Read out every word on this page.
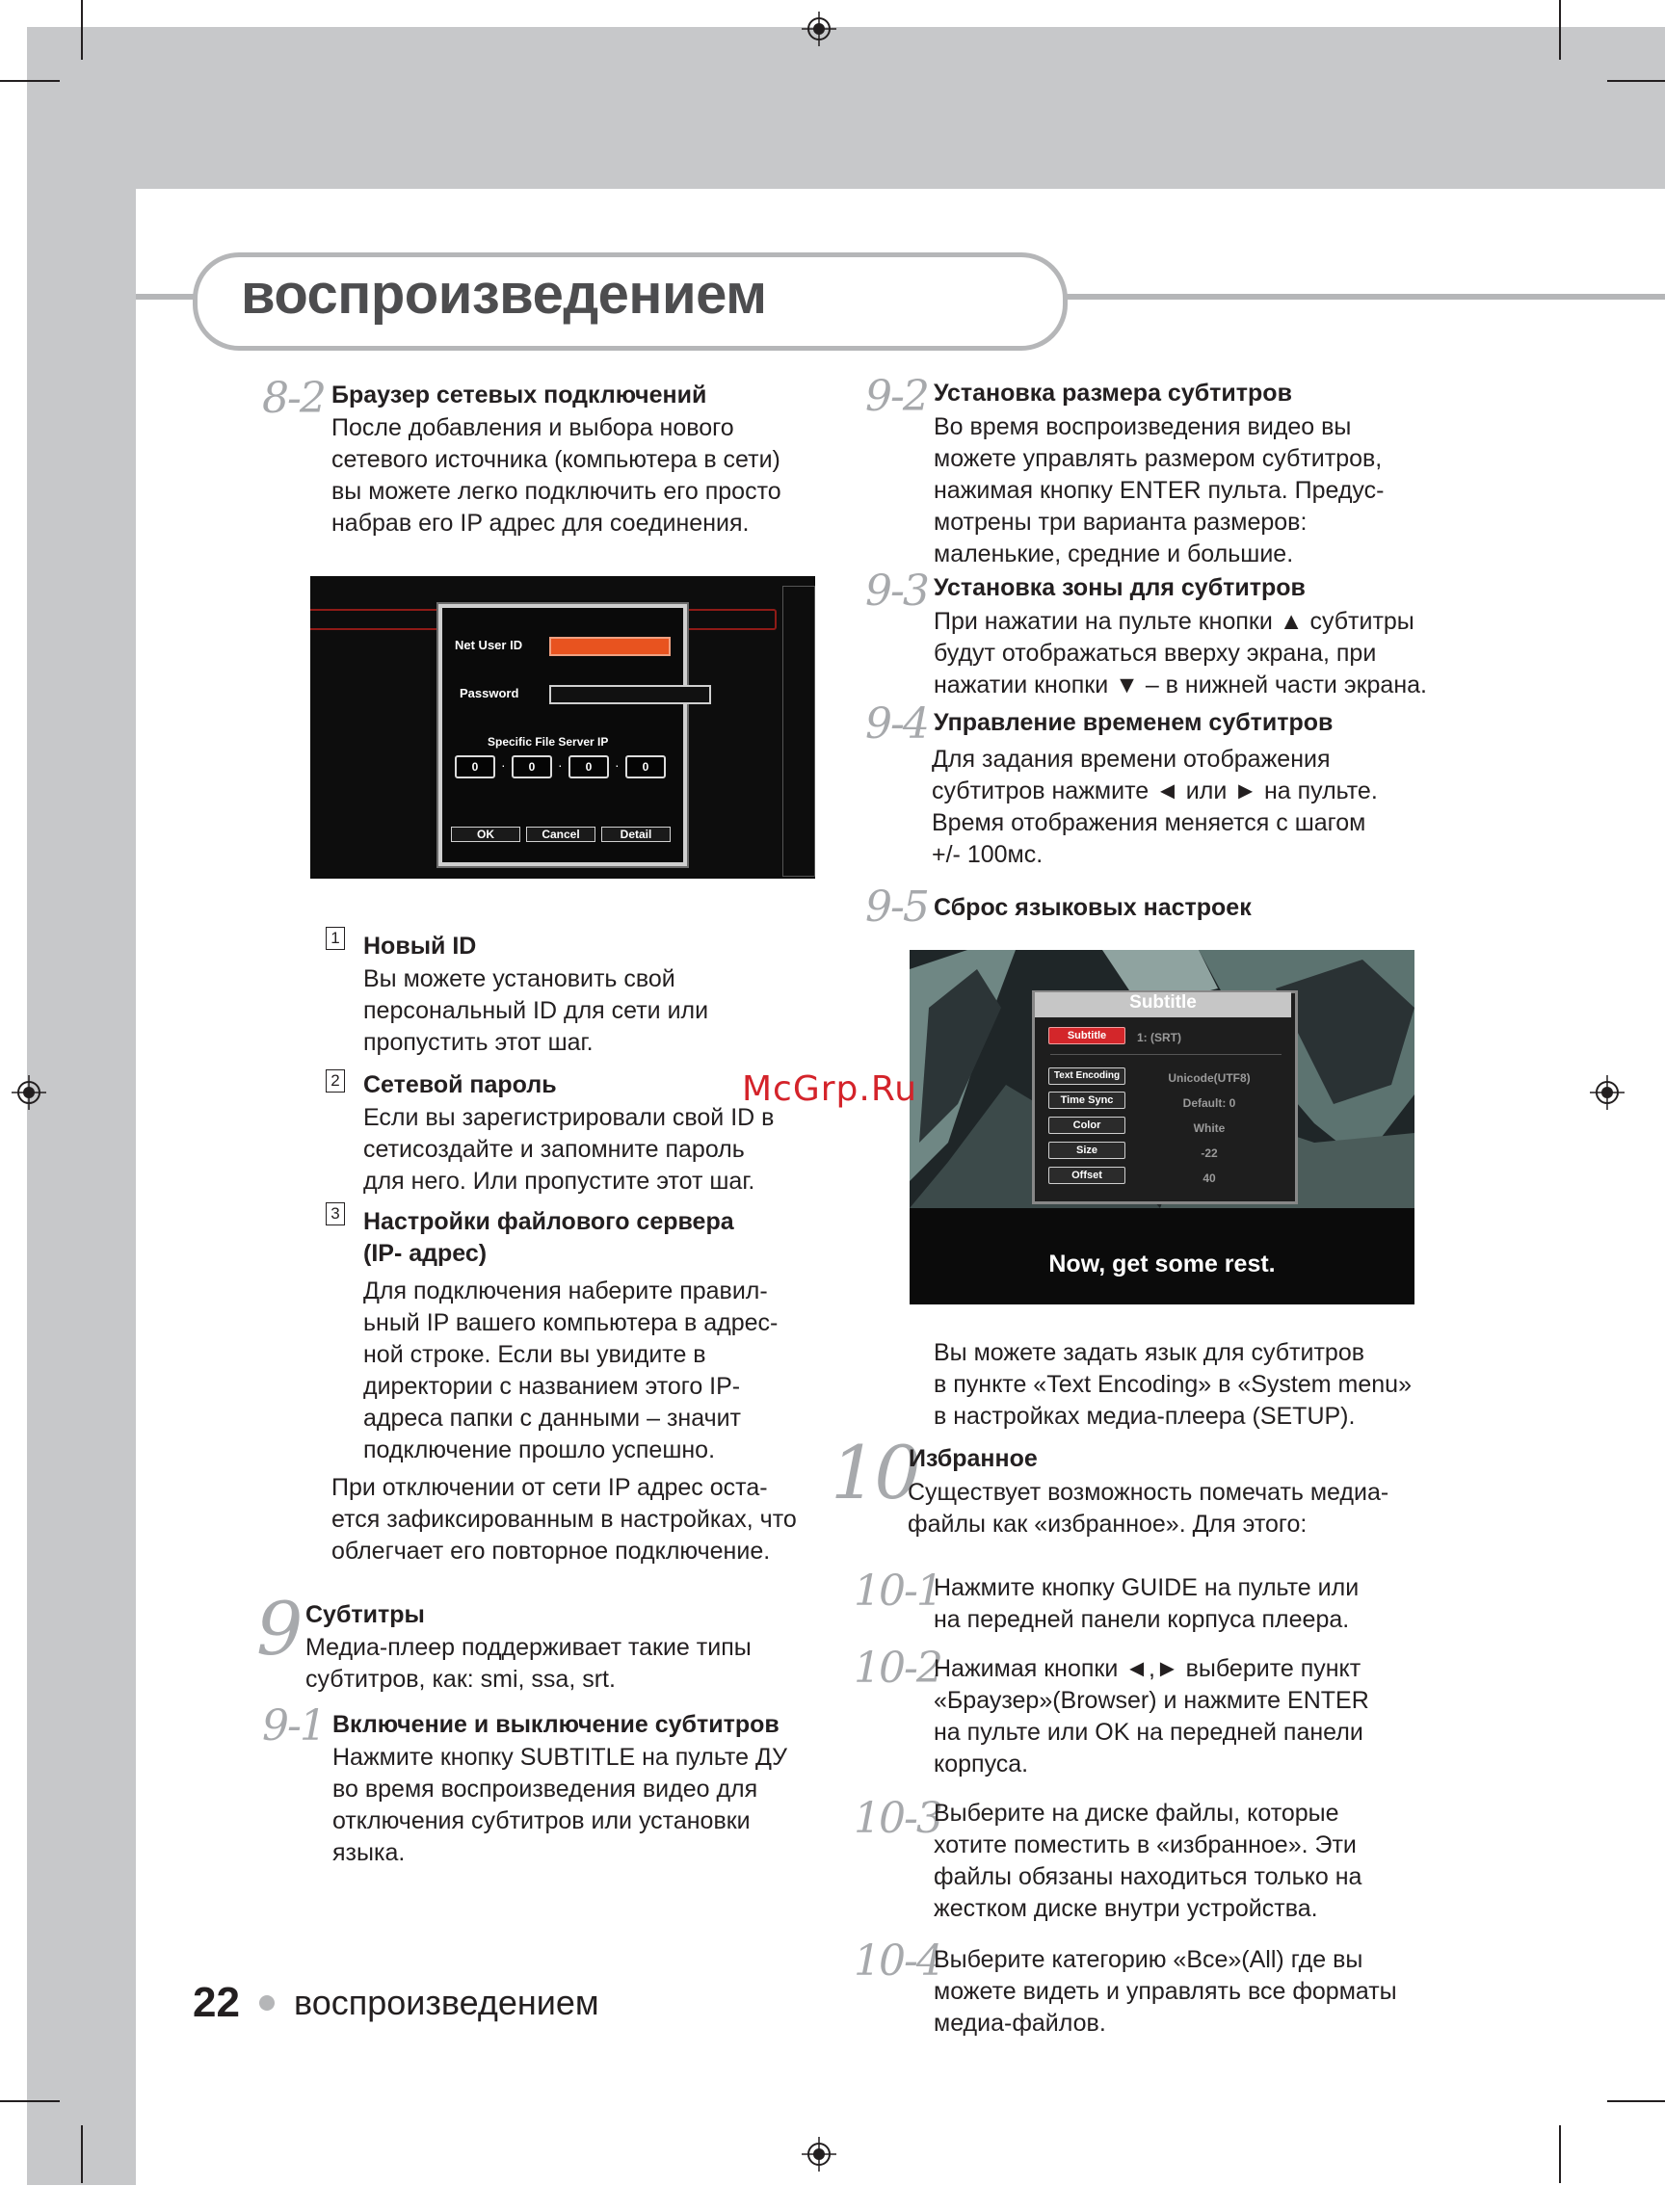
воспроизведением
8-2 Браузер сетевых подключений
После добавления и выбора нового
сетевого источника (компьютера в сети)
вы можете легко подключить его просто
набрав его IP адрес для соединения.
Net User ID
Password
Specific File Server IP
0	·	0	·	0	·	0
OK	Cancel	Detail
1 Новый ID
Вы можете установить свой
персональный ID для сети или
пропустить этот шаг.
2 Сетевой пароль
Если вы зарегистрировали свой ID в
сетисоздайте и запомните пароль
для него. Или пропустите этот шаг.
3 Настройки файлового сервера
(IP- адрес)
Для подключения наберите правил-
ьный IP вашего компьютера в адрес-
ной строке. Если вы увидите в
директории с названием этого IP-
адреса папки с данными – значит
подключение прошло успешно.
При отключении от сети IP адрес оста-
ется зафиксированным в настройках, что
облегчает его повторное подключение.
9 Субтитры
Медиа-плеер поддерживает такие типы
субтитров, как: smi, ssa, srt.
9-1 Включение и выключение субтитров
Нажмите кнопку SUBTITLE на пульте ДУ
во время воспроизведения видео для
отключения субтитров или установки
языка.
22 воспроизведением
9-2 Установка размера субтитров
Во время воспроизведения видео вы
можете управлять размером субтитров,
нажимая кнопку ENTER пульта. Предус-
мотрены три варианта размеров:
маленькие, средние и большие.
9-3 Установка зоны для субтитров
При нажатии на пульте кнопки ▲ субтитры
будут отображаться вверху экрана, при
нажатии кнопки ▼ – в нижней части экрана.
9-4 Управление временем субтитров
Для задания времени отображения
субтитров нажмите ◄ или ► на пульте.
Время отображения меняется с шагом
+/- 100мс.
9-5 Сброс языковых настроек
Subtitle
Subtitle	1: (SRT)
Text Encoding	Unicode(UTF8)
Time Sync	Default: 0
Color	White
Size	-22
Offset	40
Now, get some rest.
McGrp.Ru
Вы можете задать язык для субтитров
в пункте «Text Encoding» в «System menu»
в настройках медиа-плеера (SETUP).
10
Избранное
Существует возможность помечать медиа-
файлы как «избранное». Для этого:
10-1
Нажмите кнопку GUIDE на пульте или
на передней панели корпуса плеера.
10-2
Нажимая кнопки ◄,► выберите пункт
«Браузер»(Browser) и нажмите ENTER
на пульте или OK на передней панели
корпуса.
10-3
Выберите на диске файлы, которые
хотите поместить в «избранное». Эти
файлы обязаны находиться только на
жестком диске внутри устройства.
10-4
Выберите категорию «Все»(All) где вы
можете видеть и управлять все форматы
медиа-файлов.
